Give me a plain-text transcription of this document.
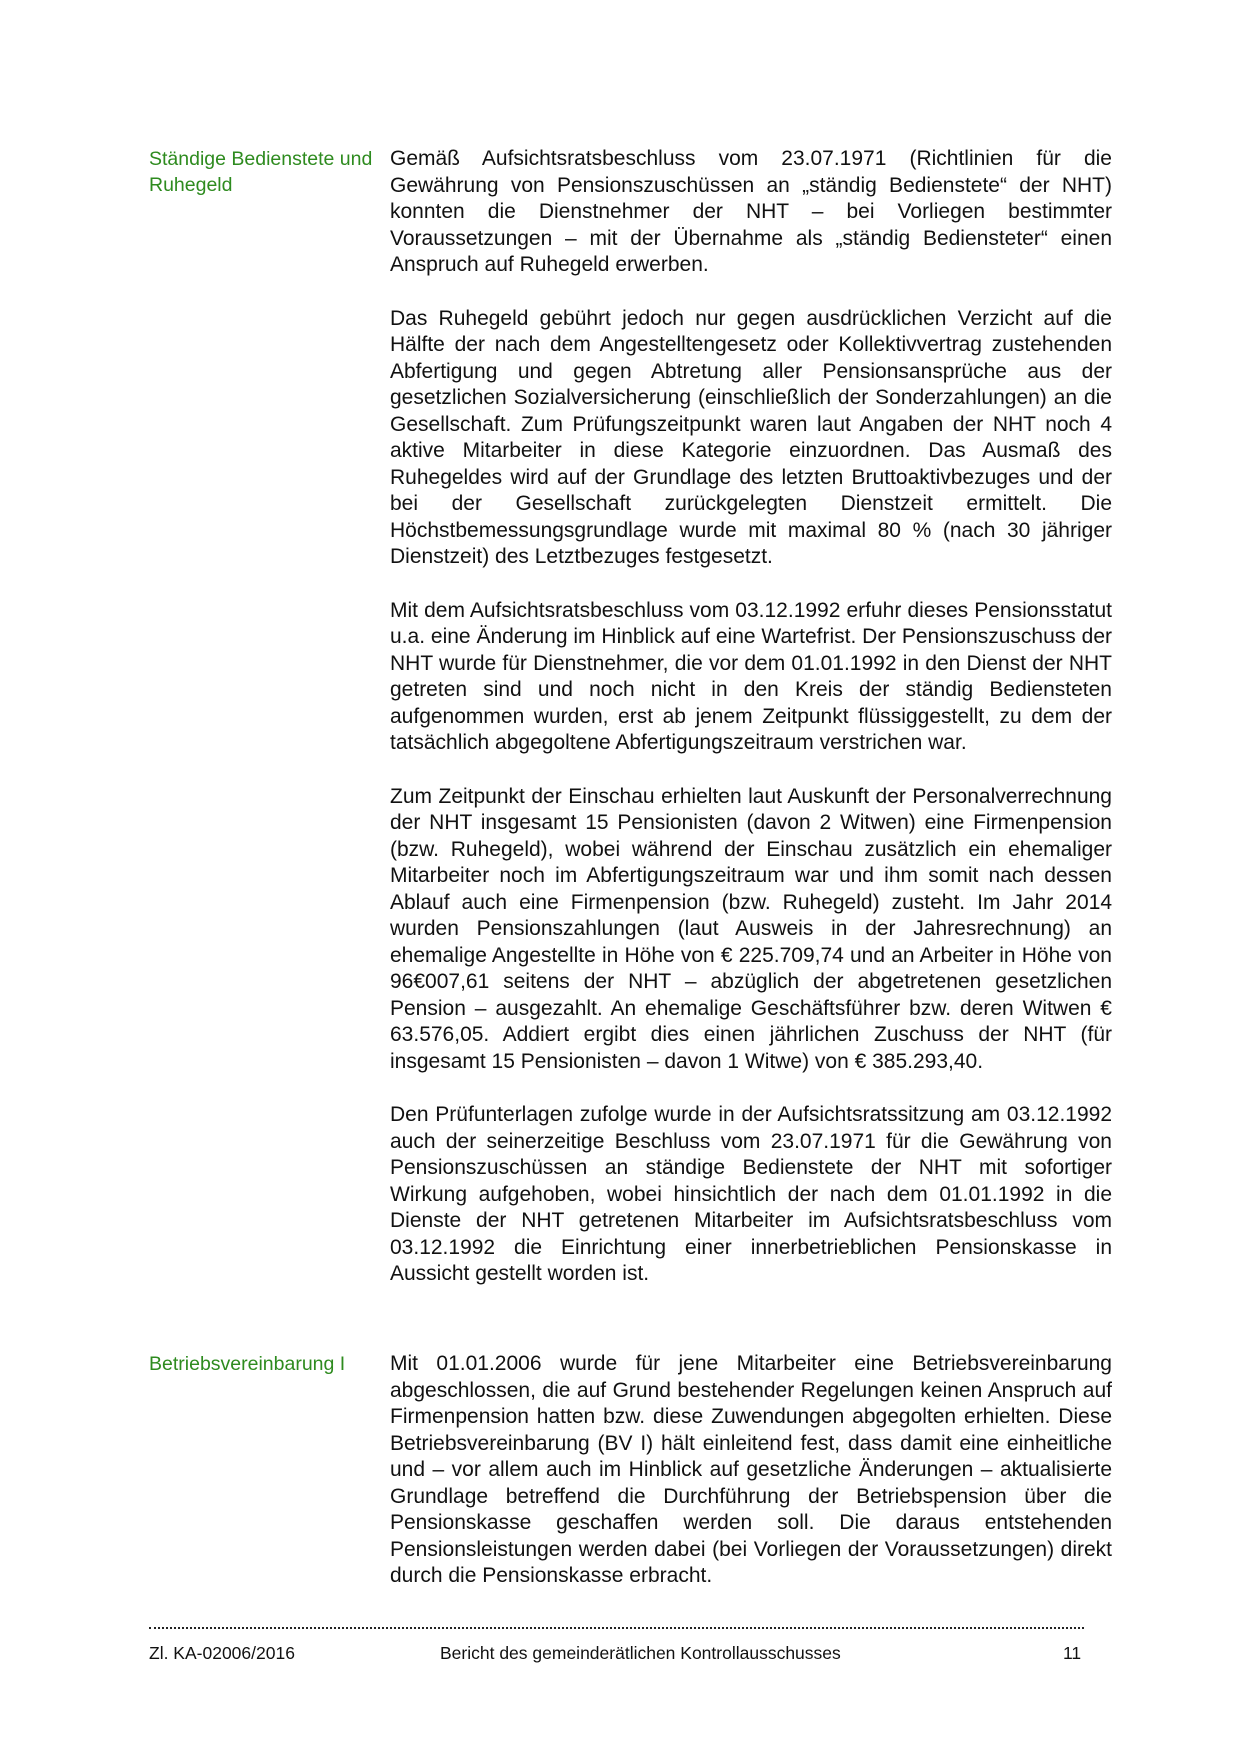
Ständige Bedienstete und Ruhegeld

Gemäß Aufsichtsratsbeschluss vom 23.07.1971 (Richtlinien für die Gewährung von Pensionszuschüssen an „ständig Bedienstete“ der NHT) konnten die Dienstnehmer der NHT – bei Vorliegen bestimmter Voraussetzungen – mit der Übernahme als „ständig Bediensteter“ einen Anspruch auf Ruhegeld erwerben.

Das Ruhegeld gebührt jedoch nur gegen ausdrücklichen Verzicht auf die Hälfte der nach dem Angestelltengesetz oder Kollektivvertrag zustehenden Abfertigung und gegen Abtretung aller Pensionsansprüche aus der gesetzlichen Sozialversicherung (einschließlich der Sonderzahlungen) an die Gesellschaft. Zum Prüfungszeitpunkt waren laut Angaben der NHT noch 4 aktive Mitarbeiter in diese Kategorie einzuordnen. Das Ausmaß des Ruhegeldes wird auf der Grundlage des letzten Bruttoaktivbezuges und der bei der Gesellschaft zurückgelegten Dienstzeit ermittelt. Die Höchstbemessungsgrundlage wurde mit maximal 80 % (nach 30 jähriger Dienstzeit) des Letztbezuges festgesetzt.

Mit dem Aufsichtsratsbeschluss vom 03.12.1992 erfuhr dieses Pensionsstatut u.a. eine Änderung im Hinblick auf eine Wartefrist. Der Pensionszuschuss der NHT wurde für Dienstnehmer, die vor dem 01.01.1992 in den Dienst der NHT getreten sind und noch nicht in den Kreis der ständig Bediensteten aufgenommen wurden, erst ab jenem Zeitpunkt flüssiggestellt, zu dem der tatsächlich abgegoltene Abfertigungszeitraum verstrichen war.

Zum Zeitpunkt der Einschau erhielten laut Auskunft der Personalverrechnung der NHT insgesamt 15 Pensionisten (davon 2 Witwen) eine Firmenpension (bzw. Ruhegeld), wobei während der Einschau zusätzlich ein ehemaliger Mitarbeiter noch im Abfertigungszeitraum war und ihm somit nach dessen Ablauf auch eine Firmenpension (bzw. Ruhegeld) zusteht. Im Jahr 2014 wurden Pensionszahlungen (laut Ausweis in der Jahresrechnung) an ehemalige Angestellte in Höhe von € 225.709,74 und an Arbeiter in Höhe von 96€007,61 seitens der NHT – abzüglich der abgetretenen gesetzlichen Pension – ausgezahlt. An ehemalige Geschäftsführer bzw. deren Witwen € 63.576,05. Addiert ergibt dies einen jährlichen Zuschuss der NHT (für insgesamt 15 Pensionisten – davon 1 Witwe) von € 385.293,40.

Den Prüfunterlagen zufolge wurde in der Aufsichtsratssitzung am 03.12.1992 auch der seinerzeitige Beschluss vom 23.07.1971 für die Gewährung von Pensionszuschüssen an ständige Bedienstete der NHT mit sofortiger Wirkung aufgehoben, wobei hinsichtlich der nach dem 01.01.1992 in die Dienste der NHT getretenen Mitarbeiter im Aufsichtsratsbeschluss vom 03.12.1992 die Einrichtung einer innerbetrieblichen Pensionskasse in Aussicht gestellt worden ist.

Betriebsvereinbarung I	Mit 01.01.2006 wurde für jene Mitarbeiter eine Betriebsvereinbarung abgeschlossen, die auf Grund bestehender Regelungen keinen Anspruch auf Firmenpension hatten bzw. diese Zuwendungen abgegolten erhielten. Diese Betriebsvereinbarung (BV I) hält einleitend fest, dass damit eine einheitliche und – vor allem auch im Hinblick auf gesetzliche Änderungen – aktualisierte Grundlage betreffend die Durchführung der Betriebspension über die Pensionskasse geschaffen werden soll. Die daraus entstehenden Pensionsleistungen werden dabei (bei Vorliegen der Voraussetzungen) direkt durch die Pensionskasse erbracht.

Zl. KA-02006/2016	Bericht des gemeinderätlichen Kontrollausschusses	11
